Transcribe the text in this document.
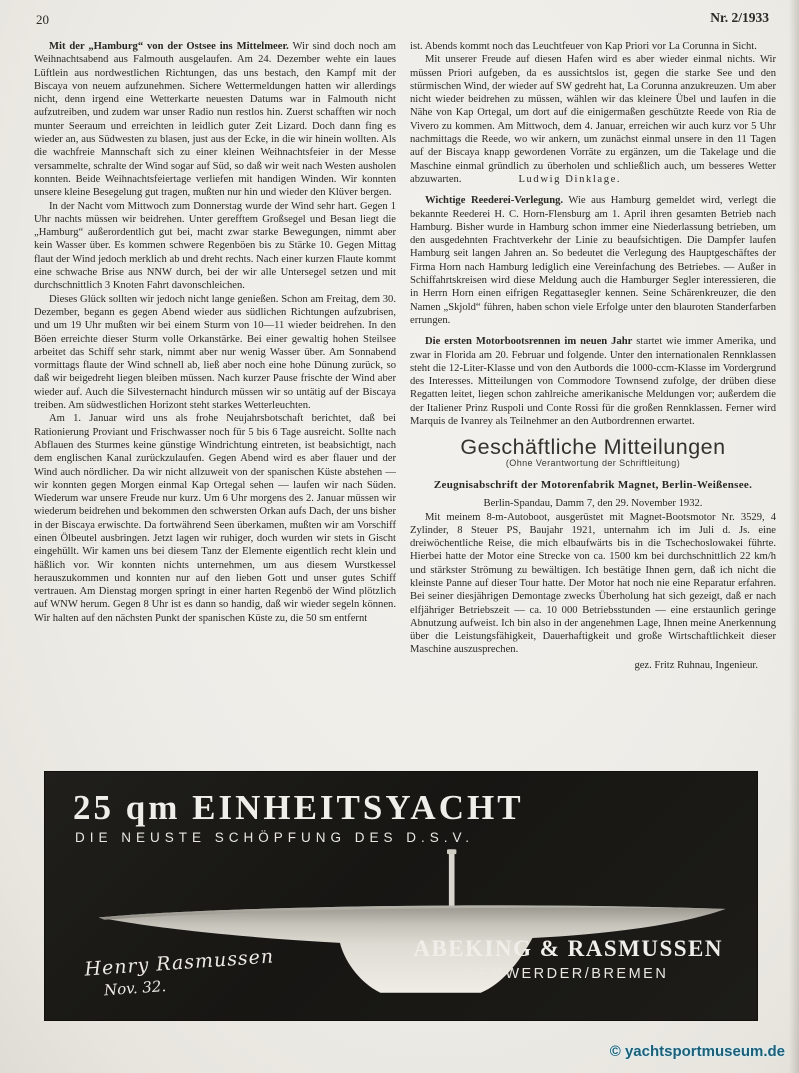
20	Nr. 2/1933

Mit der „Hamburg“ von der Ostsee ins Mittelmeer. Wir sind doch noch am Weihnachtsabend aus Falmouth ausgelaufen. Am 24. Dezember wehte ein laues Lüftlein aus nordwestlichen Richtungen, das uns bestach, den Kampf mit der Biscaya von neuem aufzunehmen. Sichere Wettermeldungen hatten wir allerdings nicht, denn irgend eine Wetterkarte neuesten Datums war in Falmouth nicht aufzutreiben, und zudem war unser Radio nun restlos hin. Zuerst schafften wir noch munter Seeraum und erreichten in leidlich guter Zeit Lizard. Doch dann fing es wieder an, aus Südwesten zu blasen, just aus der Ecke, in die wir hinein wollten. Als die wachfreie Mannschaft sich zu einer kleinen Weihnachtsfeier in der Messe versammelte, schralte der Wind sogar auf Süd, so daß wir weit nach Westen ausholen konnten. Beide Weihnachtsfeiertage verliefen mit handigen Winden. Wir konnten unsere kleine Besegelung gut tragen, mußten nur hin und wieder den Klüver bergen.

In der Nacht vom Mittwoch zum Donnerstag wurde der Wind sehr hart. Gegen 1 Uhr nachts müssen wir beidrehen. Unter gerefftem Großsegel und Besan liegt die „Hamburg“ außerordentlich gut bei, macht zwar starke Bewegungen, nimmt aber kein Wasser über. Es kommen schwere Regenböen bis zu Stärke 10. Gegen Mittag flaut der Wind jedoch merklich ab und dreht rechts. Nach einer kurzen Flaute kommt eine schwache Brise aus NNW durch, bei der wir alle Untersegel setzen und mit durchschnittlich 3 Knoten Fahrt davonschleichen.

Dieses Glück sollten wir jedoch nicht lange genießen. Schon am Freitag, dem 30. Dezember, begann es gegen Abend wieder aus südlichen Richtungen aufzubrisen, und um 19 Uhr mußten wir bei einem Sturm von 10—11 wieder beidrehen. In den Böen erreichte dieser Sturm volle Orkanstärke. Bei einer gewaltig hohen Steilsee arbeitet das Schiff sehr stark, nimmt aber nur wenig Wasser über. Am Sonnabend vormittags flaute der Wind schnell ab, ließ aber noch eine hohe Dünung zurück, so daß wir beigedreht liegen bleiben müssen. Nach kurzer Pause frischte der Wind aber wieder auf. Auch die Silvesternacht hindurch müssen wir so untätig auf der Biscaya treiben. Am südwestlichen Horizont steht starkes Wetterleuchten.

Am 1. Januar wird uns als frohe Neujahrsbotschaft berichtet, daß bei Rationierung Proviant und Frischwasser noch für 5 bis 6 Tage ausreicht. Sollte nach Abflauen des Sturmes keine günstige Windrichtung eintreten, ist beabsichtigt, nach dem englischen Kanal zurückzulaufen. Gegen Abend wird es aber flauer und der Wind auch nördlicher. Da wir nicht allzuweit von der spanischen Küste abstehen — wir konnten gegen Morgen einmal Kap Ortegal sehen — laufen wir nach Süden. Wiederum war unsere Freude nur kurz. Um 6 Uhr morgens des 2. Januar müssen wir wiederum beidrehen und bekommen den schwersten Orkan aufs Dach, der uns bisher in der Biscaya erwischte. Da fortwährend Seen überkamen, mußten wir am Vorschiff einen Ölbeutel ausbringen. Jetzt lagen wir ruhiger, doch wurden wir stets in Gischt eingehüllt. Wir kamen uns bei diesem Tanz der Elemente eigentlich recht klein und häßlich vor. Wir konnten nichts unternehmen, um aus diesem Wurstkessel herauszukommen und konnten nur auf den lieben Gott und unser gutes Schiff vertrauen. Am Dienstag morgen springt in einer harten Regenbö der Wind plötzlich auf WNW herum. Gegen 8 Uhr ist es dann so handig, daß wir wieder segeln können. Wir halten auf den nächsten Punkt der spanischen Küste zu, die 50 sm entfernt

ist. Abends kommt noch das Leuchtfeuer von Kap Priori vor La Corunna in Sicht.

Mit unserer Freude auf diesen Hafen wird es aber wieder einmal nichts. Wir müssen Priori aufgeben, da es aussichtslos ist, gegen die starke See und den stürmischen Wind, der wieder auf SW gedreht hat, La Corunna anzukreuzen. Um aber nicht wieder beidrehen zu müssen, wählen wir das kleinere Übel und laufen in die Nähe von Kap Ortegal, um dort auf die einigermaßen geschützte Reede von Ria de Vivero zu kommen. Am Mittwoch, dem 4. Januar, erreichen wir auch kurz vor 5 Uhr nachmittags die Reede, wo wir ankern, um zunächst einmal unsere in den 11 Tagen auf der Biscaya knapp gewordenen Vorräte zu ergänzen, um die Takelage und die Maschine einmal gründlich zu überholen und schließlich auch, um besseres Wetter abzuwarten.	Ludwig Dinklage.

Wichtige Reederei-Verlegung. Wie aus Hamburg gemeldet wird, verlegt die bekannte Reederei H. C. Horn-Flensburg am 1. April ihren gesamten Betrieb nach Hamburg. Bisher wurde in Hamburg schon immer eine Niederlassung betrieben, um den ausgedehnten Frachtverkehr der Linie zu beaufsichtigen. Die Dampfer laufen Hamburg seit langen Jahren an. So bedeutet die Verlegung des Hauptgeschäftes der Firma Horn nach Hamburg lediglich eine Vereinfachung des Betriebes. — Außer in Schiffahrtskreisen wird diese Meldung auch die Hamburger Segler interessieren, die in Herrn Horn einen eifrigen Regattasegler kennen. Seine Schärenkreuzer, die den Namen „Skjold“ führen, haben schon viele Erfolge unter den blauroten Standerfarben errungen.

Die ersten Motorbootsrennen im neuen Jahr startet wie immer Amerika, und zwar in Florida am 20. Februar und folgende. Unter den internationalen Rennklassen steht die 12-Liter-Klasse und von den Autbords die 1000-ccm-Klasse im Vordergrund des Interesses. Mitteilungen von Commodore Townsend zufolge, der drüben diese Regatten leitet, liegen schon zahlreiche amerikanische Meldungen vor; außerdem die der Italiener Prinz Ruspoli und Conte Rossi für die großen Rennklassen. Ferner wird Marquis de Ivanrey als Teilnehmer an den Autbordrennen erwartet.

Geschäftliche Mitteilungen
(Ohne Verantwortung der Schriftleitung)
Zeugnisabschrift der Motorenfabrik Magnet, Berlin-Weißensee.
Berlin-Spandau, Damm 7, den 29. November 1932.

Mit meinem 8-m-Autoboot, ausgerüstet mit Magnet-Bootsmotor Nr. 3529, 4 Zylinder, 8 Steuer PS, Baujahr 1921, unternahm ich im Juli d. Js. eine dreiwöchentliche Reise, die mich elbaufwärts bis in die Tschechoslowakei führte. Hierbei hatte der Motor eine Strecke von ca. 1500 km bei durchschnittlich 22 km/h und stärkster Strömung zu bewältigen. Ich bestätige Ihnen gern, daß ich nicht die kleinste Panne auf dieser Tour hatte. Der Motor hat noch nie eine Reparatur erfahren. Bei seiner diesjährigen Demontage zwecks Überholung hat sich gezeigt, daß er nach elfjähriger Betriebszeit — ca. 10 000 Betriebsstunden — eine erstaunlich geringe Abnutzung aufweist. Ich bin also in der angenehmen Lage, Ihnen meine Anerkennung über die Leistungsfähigkeit, Dauerhaftigkeit und große Wirtschaftlichkeit dieser Maschine auszusprechen.

gez. Fritz Ruhnau, Ingenieur.
25 qm EINHEITSYACHT
DIE NEUSTE SCHÖPFUNG DES D.S.V.
Henry Rasmussen
Nov. 32.
ABEKING & RASMUSSEN
LEMWERDER/BREMEN
© yachtsportmuseum.de
